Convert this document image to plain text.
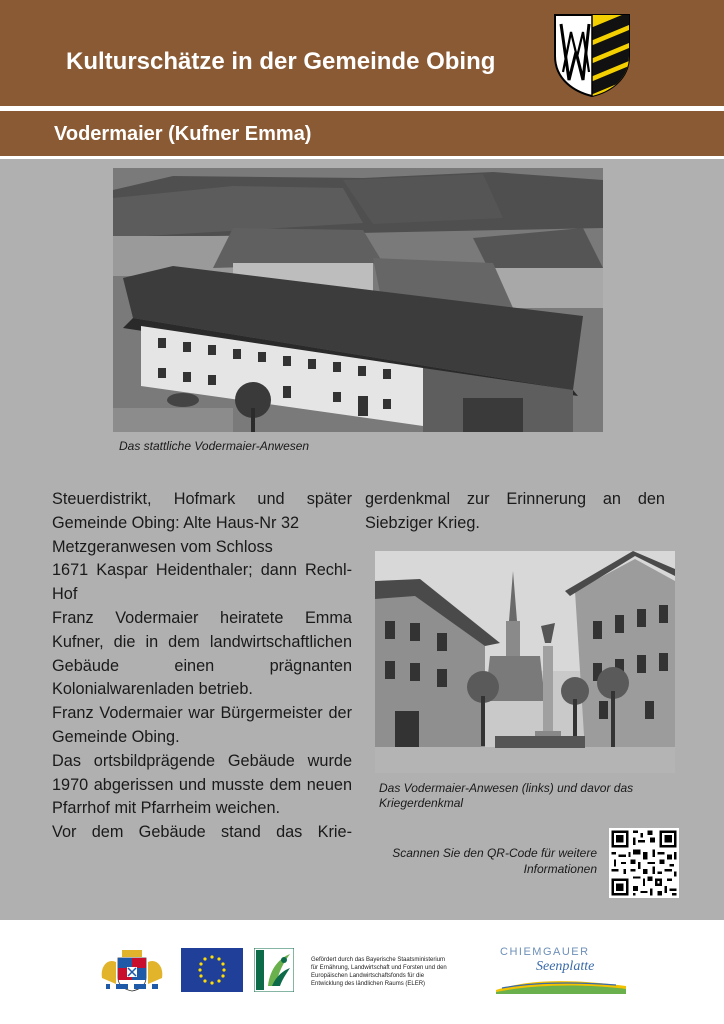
Kulturschätze in der Gemeinde Obing
Vodermaier (Kufner Emma)
Das stattliche Vodermaier-Anwesen

Steuerdistrikt, Hofmark und später Gemeinde Obing: Alte Haus-Nr 32

Metzgeranwesen vom Schloss

1671 Kaspar Heidenthaler; dann Rechl-Hof

Franz Vodermaier heiratete Emma Kufner, die in dem landwirtschaftlichen Gebäude einen prägnanten Kolonialwarenladen betrieb.

Franz Vodermaier war Bürgermeister der Gemeinde Obing.

Das ortsbildprägende Gebäude wurde 1970 abgerissen und musste dem neuen Pfarrhof mit Pfarrheim weichen.

Vor dem Gebäude stand das Krie-

gerdenkmal zur Erinnerung an den Siebziger Krieg.

Das Vodermaier-Anwesen (links) und davor das
Kriegerdenkmal
Scannen Sie den QR-Code für weitere
Informationen
Gefördert durch das Bayerische Staatsministerium
für Ernährung, Landwirtschaft und Forsten und den
Europäischen Landwirtschaftsfonds für die
Entwicklung des ländlichen Raums (ELER)
CHIEMGAUER
Seenplatte
